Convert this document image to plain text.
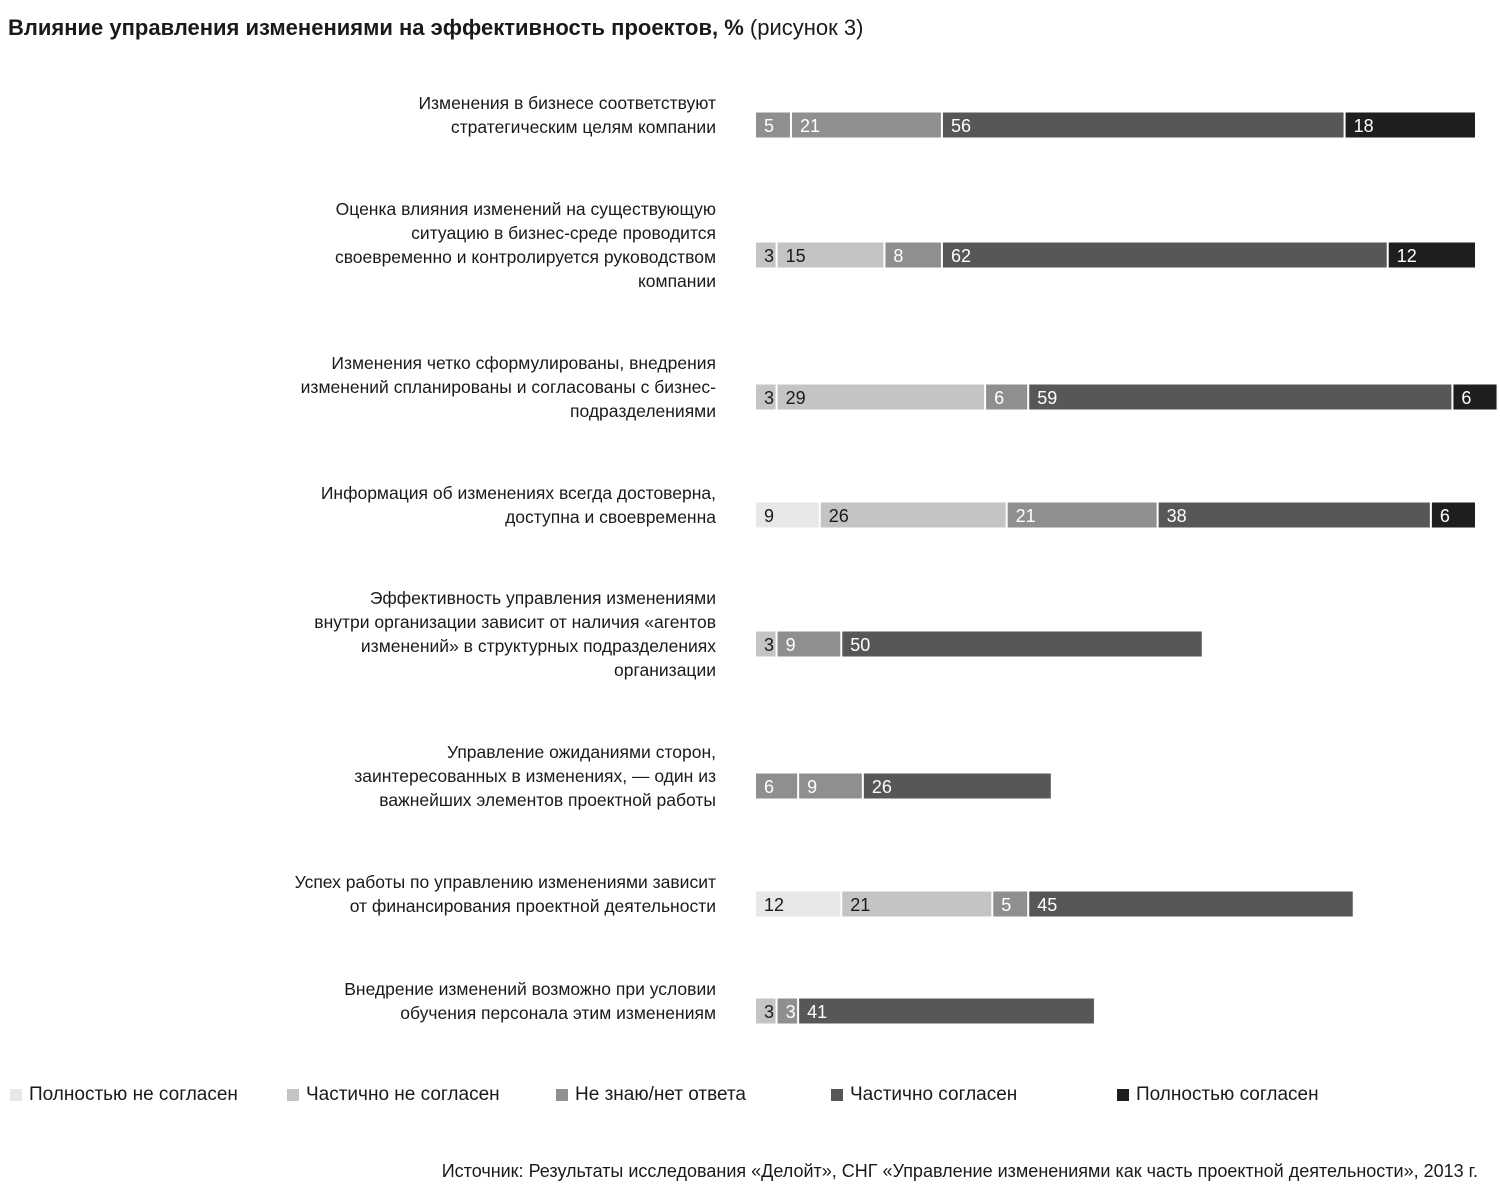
Влияние управления изменениями на эффективность проектов, % (рисунок 3)
Изменения в бизнесе соответствуют стратегическим целям компании	5 21	56	18
Оценка влияния изменений на существующую ситуацию в бизнес-среде проводится своевременно и контролируется руководством компании
3 15	8	62	12
Изменения четко сформулированы, внедрения изменений спланированы и согласованы с бизнес-подразделениями
3 29	6 59	6
Информация об изменениях всегда достоверна, доступна и своевременна	9	26	21	38	6
Эффективность управления изменениями внутри организации зависит от наличия «агентов изменений» в структурных подразделениях организации
3 9	50
Управление ожиданиями сторон, заинтересованных в изменениях, — один из важнейших элементов проектной работы
6 9	26
Успех работы по управлению изменениями зависит от финансирования проектной деятельности	12	21	5 45
Внедрение изменений возможно при условии обучения персонала этим изменениям	3 3 41
Полностью не согласен	Частично не согласен	Не знаю/нет ответа	Частично согласен	Полностью согласен
Источник: Результаты исследования «Делойт», СНГ «Управление изменениями как часть проектной деятельности», 2013 г.
